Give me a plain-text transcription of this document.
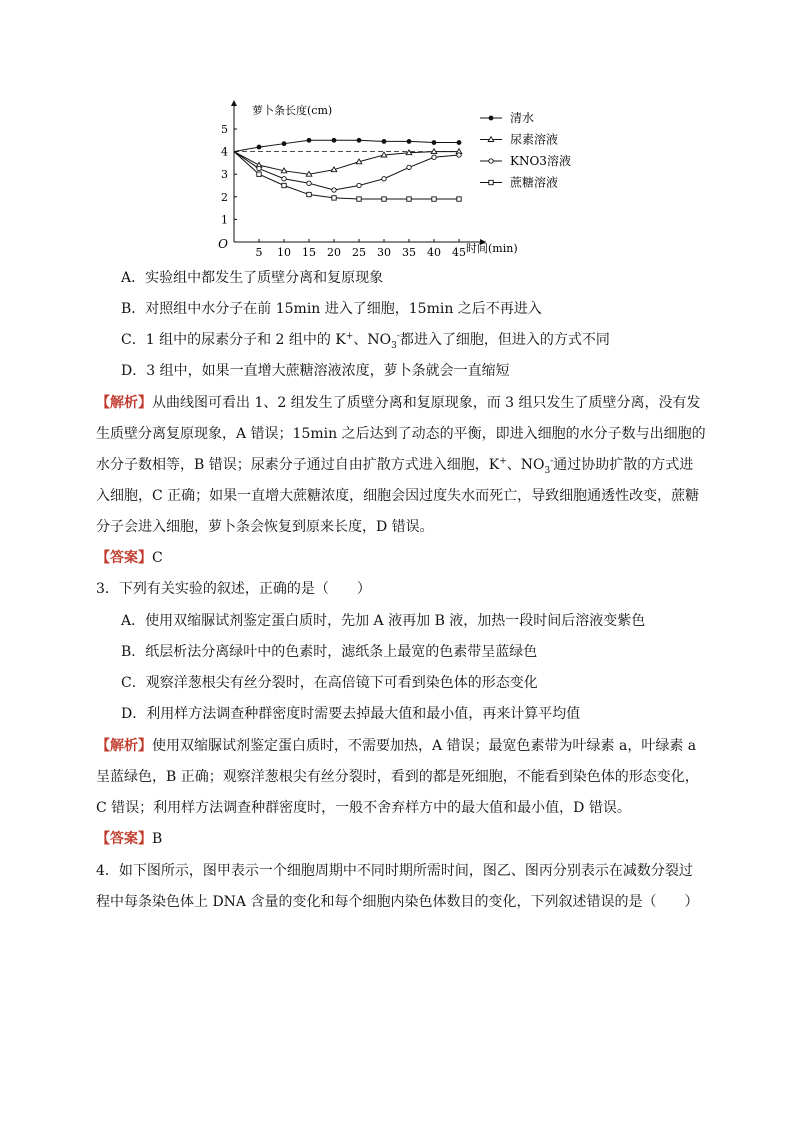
萝卜条长度(cm)
时间(min)
O
1
2
3
4
5
5 10 15 20 25 30 35 40 45
清水
尿素溶液
KNO3溶液
蔗糖溶液
A．实验组中都发生了质壁分离和复原现象
B．对照组中水分子在前 15min 进入了细胞，15min 之后不再进入
C．1 组中的尿素分子和 2 组中的 K+、$NO_3^-$都进入了细胞，但进入的方式不同
D．3 组中，如果一直增大蔗糖溶液浓度，萝卜条就会一直缩短
【解析】从曲线图可看出 1、2 组发生了质壁分离和复原现象，而 3 组只发生了质壁分离，没有发生质壁分离复原现象，A 错误；15min 之后达到了动态的平衡，即进入细胞的水分子数与出细胞的水分子数相等，B 错误；尿素分子通过自由扩散方式进入细胞，K+、$NO_3^-$通过协助扩散的方式进入细胞，C 正确；如果一直增大蔗糖浓度，细胞会因过度失水而死亡，导致细胞通透性改变，蔗糖分子会进入细胞，萝卜条会恢复到原来长度，D 错误。
【答案】C
3．下列有关实验的叙述，正确的是（　　）
A．使用双缩脲试剂鉴定蛋白质时，先加 A 液再加 B 液，加热一段时间后溶液变紫色
B．纸层析法分离绿叶中的色素时，滤纸条上最宽的色素带呈蓝绿色
C．观察洋葱根尖有丝分裂时，在高倍镜下可看到染色体的形态变化
D．利用样方法调查种群密度时需要去掉最大值和最小值，再来计算平均值
【解析】使用双缩脲试剂鉴定蛋白质时，不需要加热，A 错误；最宽色素带为叶绿素 a，叶绿素 a 呈蓝绿色，B 正确；观察洋葱根尖有丝分裂时，看到的都是死细胞，不能看到染色体的形态变化，C 错误；利用样方法调查种群密度时，一般不舍弃样方中的最大值和最小值，D 错误。
【答案】B
4．如下图所示，图甲表示一个细胞周期中不同时期所需时间，图乙、图丙分别表示在减数分裂过程中每条染色体上 DNA 含量的变化和每个细胞内染色体数目的变化，下列叙述错误的是（　　）
